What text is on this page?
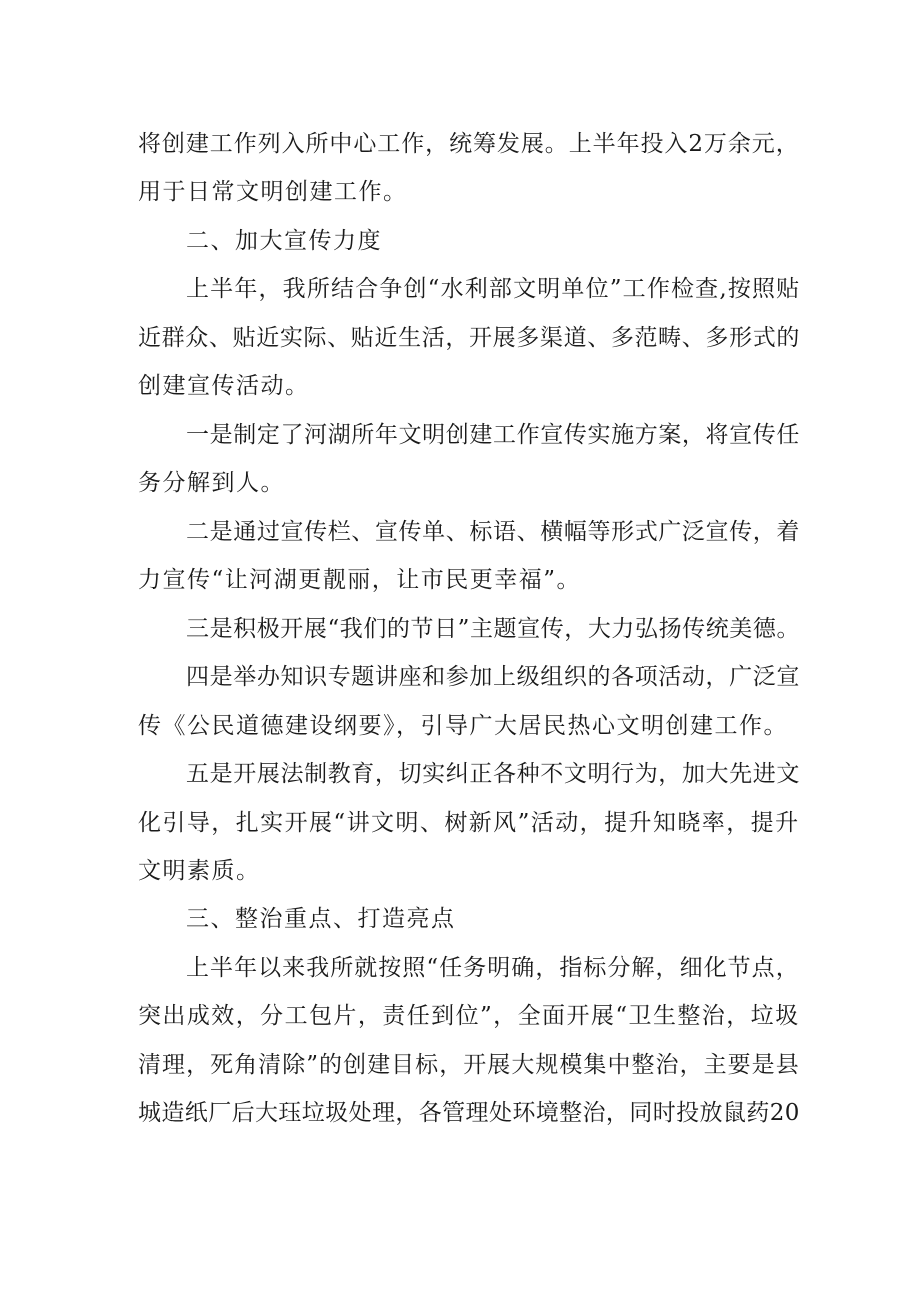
将创建工作列入所中心工作，统筹发展。上半年投入2万余元，
用于日常文明创建工作。
二、加大宣传力度
上半年，我所结合争创“水利部文明单位”工作检查,按照贴
近群众、贴近实际、贴近生活，开展多渠道、多范畴、多形式的
创建宣传活动。
一是制定了河湖所年文明创建工作宣传实施方案，将宣传任
务分解到人。
二是通过宣传栏、宣传单、标语、横幅等形式广泛宣传，着
力宣传“让河湖更靓丽，让市民更幸福”。
三是积极开展“我们的节日”主题宣传，大力弘扬传统美德。
四是举办知识专题讲座和参加上级组织的各项活动，广泛宣
传《公民道德建设纲要》，引导广大居民热心文明创建工作。
五是开展法制教育，切实纠正各种不文明行为，加大先进文
化引导，扎实开展“讲文明、树新风”活动，提升知晓率，提升
文明素质。
三、整治重点、打造亮点
上半年以来我所就按照“任务明确，指标分解，细化节点，
突出成效，分工包片，责任到位”，全面开展“卫生整治，垃圾
清理，死角清除”的创建目标，开展大规模集中整治，主要是县
城造纸厂后大珏垃圾处理，各管理处环境整治，同时投放鼠药20
